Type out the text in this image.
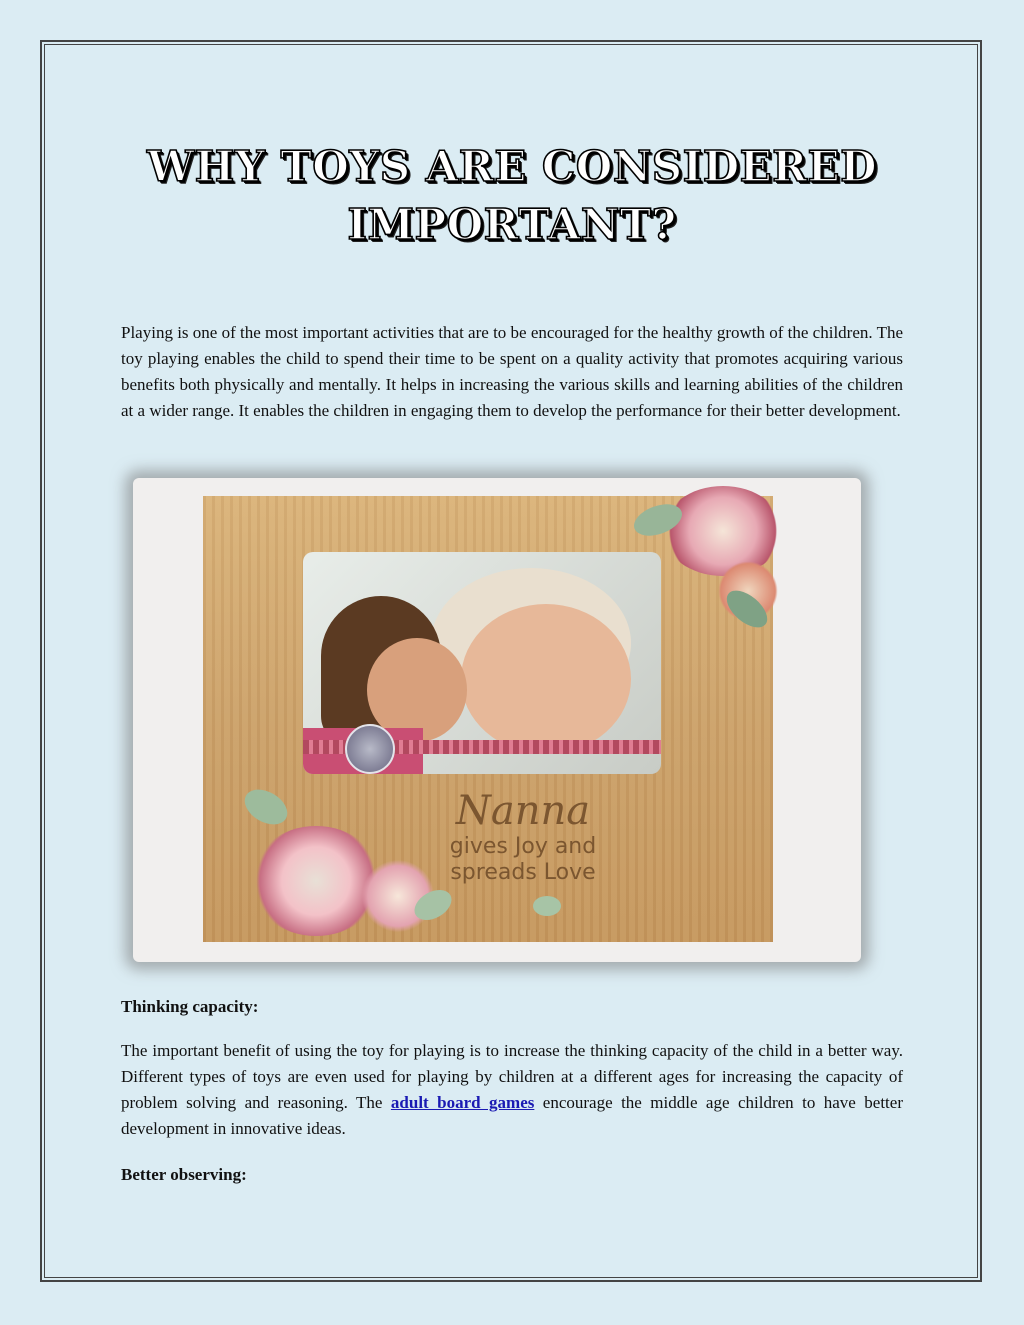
WHY TOYS ARE CONSIDERED
IMPORTANT?

Playing is one of the most important activities that are to be encouraged for the healthy growth of the children. The toy playing enables the child to spend their time to be spent on a quality activity that promotes acquiring various benefits both physically and mentally. It helps in increasing the various skills and learning abilities of the children at a wider range. It enables the children in engaging them to develop the performance for their better development.

Nanna
gives Joy and
spreads Love
Thinking capacity:

The important benefit of using the toy for playing is to increase the thinking capacity of the child in a better way. Different types of toys are even used for playing by children at a different ages for increasing the capacity of problem solving and reasoning. The adult board games encourage the middle age children to have better development in innovative ideas.

Better observing:
